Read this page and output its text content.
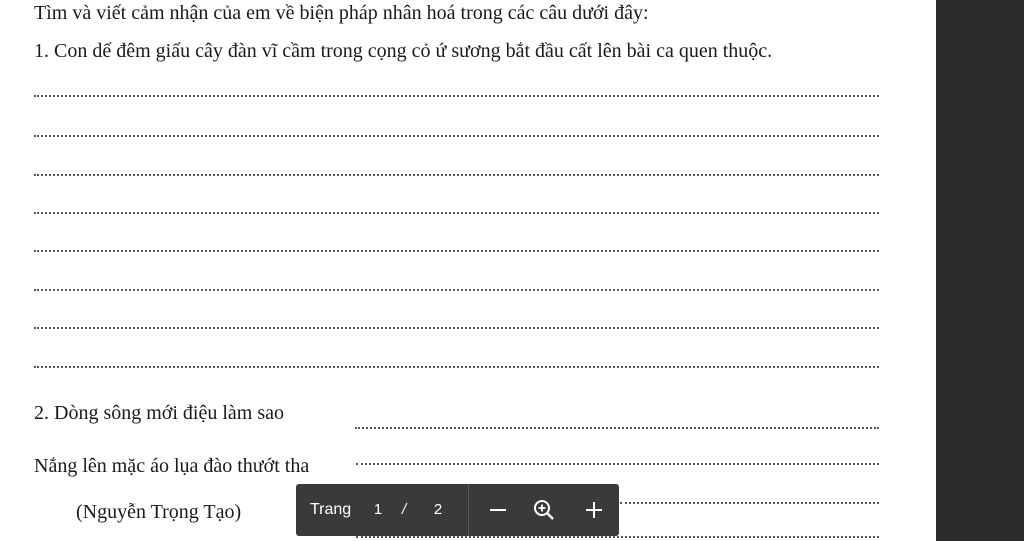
Tìm và viết cảm nhận của em về biện pháp nhân hoá trong các câu dưới đây:
1. Con dế đêm giấu cây đàn vĩ cầm trong cọng cỏ ứ sương bắt đầu cất lên bài ca quen thuộc.
2. Dòng sông mới điệu làm sao
Nắng lên mặc áo lụa đào thướt tha
(Nguyễn Trọng Tạo)	Trang 1 / 2
